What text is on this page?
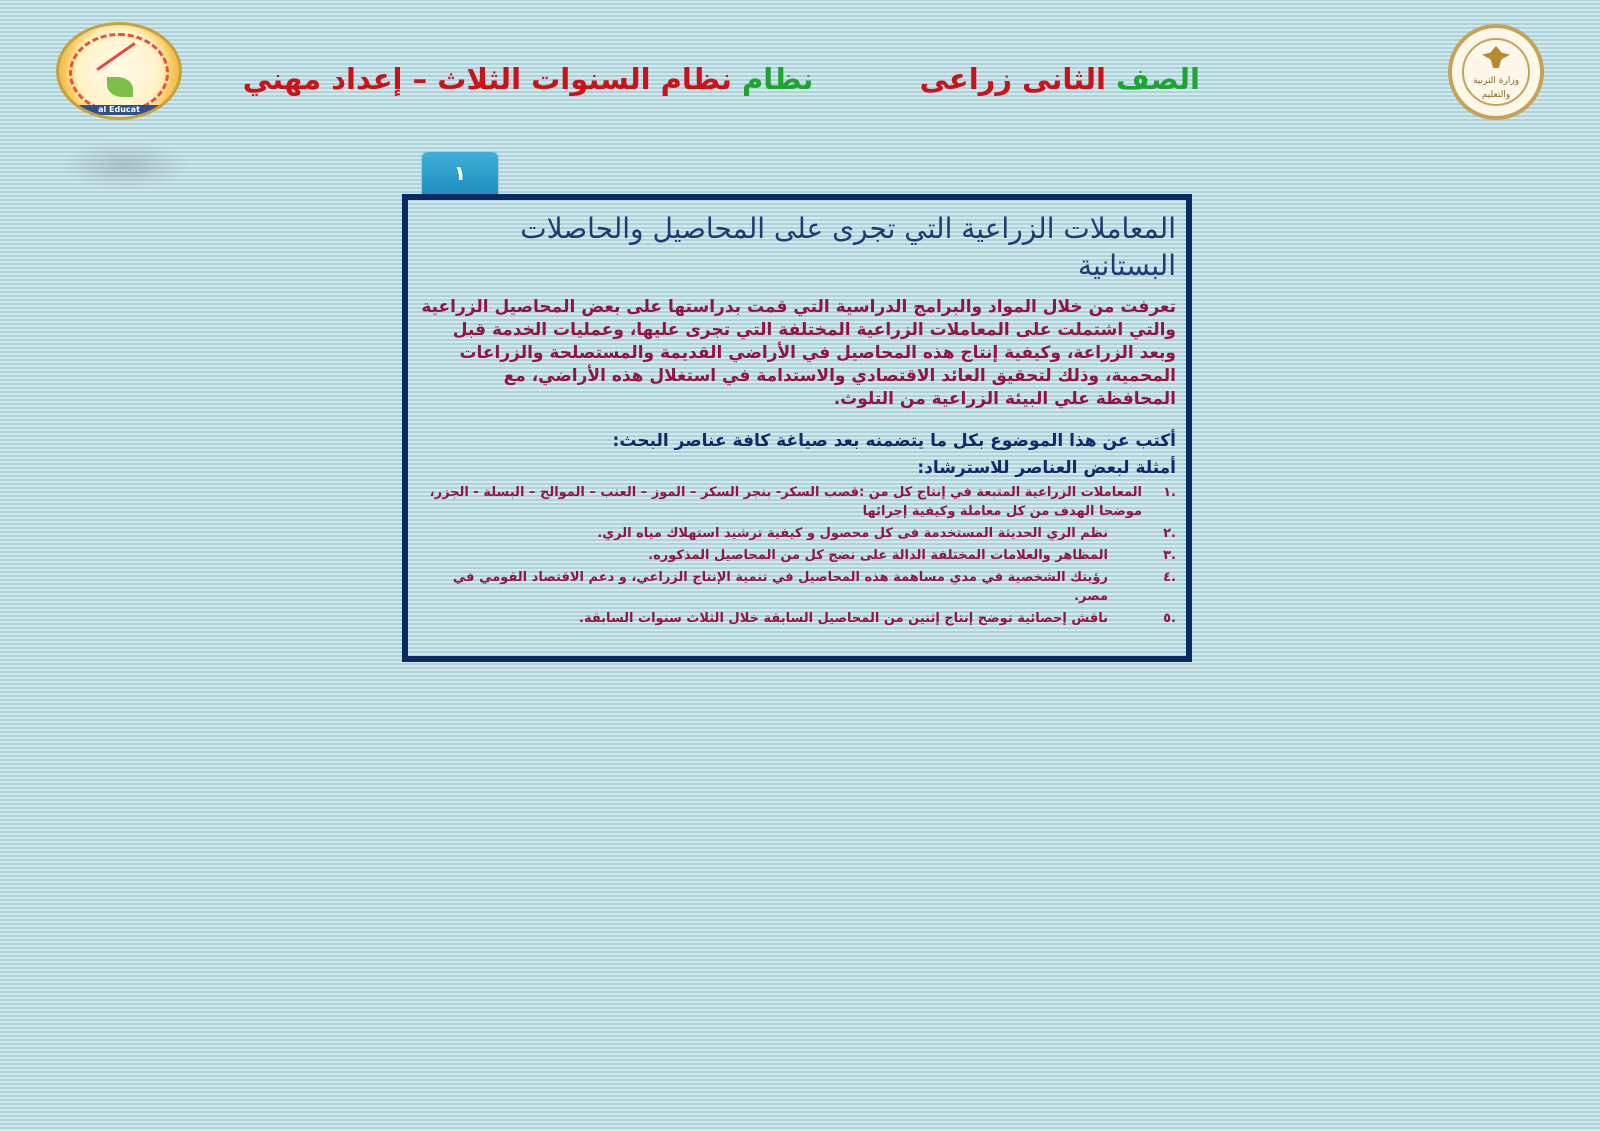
al Educat
وزارة التربية والتعليم
الصف الثانى زراعى  نظام نظام السنوات الثلاث – إعداد مهني
١
المعاملات الزراعية التي تجرى على المحاصيل والحاصلات البستانية

تعرفت من خلال المواد والبرامج الدراسية التي قمت بدراستها على بعض المحاصيل الزراعية والتي اشتملت على المعاملات الزراعية المختلفة التي تجرى عليها، وعمليات الخدمة قبل وبعد الزراعة، وكيفية إنتاج هذه المحاصيل في الأراضي القديمة والمستصلحة والزراعات المحمية، وذلك لتحقيق العائد الاقتصادي والاستدامة في استغلال هذه الأراضي، مع المحافظة علي البيئة الزراعية من التلوث.

أكتب عن هذا الموضوع بكل ما يتضمنه بعد صياغة كافة عناصر البحث:

أمثلة لبعض العناصر للاسترشاد:

.١
المعاملات الزراعية المتبعة في إنتاج كل من :قصب السكر- بنجر السكر – الموز – العنب – الموالح – البسلة - الجزر، موضحا الهدف من كل معاملة وكيفية إجرائها
.٢
نظم الري الحديثة المستخدمة فى كل محصول و كيفية ترشيد استهلاك مياه الري.
.٣
المظاهر والعلامات المختلفة الدالة على نضج كل من المحاصيل المذكوره.
.٤
رؤيتك الشخصية في مدي مساهمة هذه المحاصيل في تنمية الإنتاج الزراعي، و دعم الاقتصاد القومي في مصر.
.٥
ناقش إحصائية توضح إنتاج إثنين من المحاصيل السابقة خلال الثلاث سنوات السابقة.
